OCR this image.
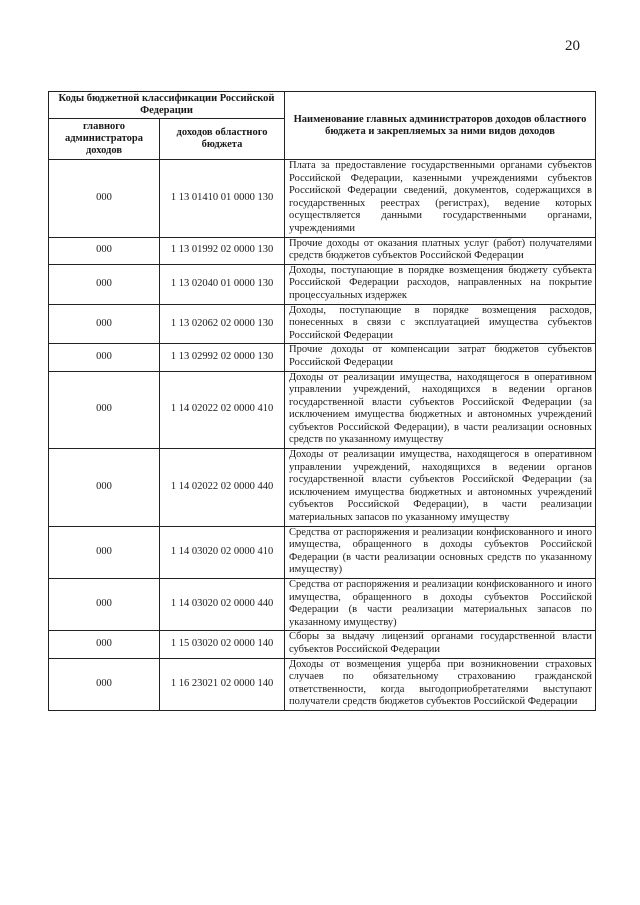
20
Коды бюджетной классификации Российской Федерации		Наименование главных администраторов доходов областного бюджета и закрепляемых за ними видов доходов
главного администратора доходов	доходов областного бюджета	
000	1 13 01410 01 0000 130	Плата за предоставление государственными органами субъектов Российской Федерации, казенными учреждениями субъектов Российской Федерации сведений, документов, содержащихся в государственных реестрах (регистрах), ведение которых осуществляется данными государственными органами, учреждениями
000	1 13 01992 02 0000 130	Прочие доходы от оказания платных услуг (работ) получателями средств бюджетов субъектов Российской Федерации
000	1 13 02040 01 0000 130	Доходы, поступающие в порядке возмещения бюджету субъекта Российской Федерации расходов, направленных на покрытие процессуальных издержек
000	1 13 02062 02 0000 130	Доходы, поступающие в порядке возмещения расходов, понесенных в связи с эксплуатацией имущества субъектов Российской Федерации
000	1 13 02992 02 0000 130	Прочие доходы от компенсации затрат бюджетов субъектов Российской Федерации
000	1 14 02022 02 0000 410	Доходы от реализации имущества, находящегося в оперативном управлении учреждений, находящихся в ведении органов государственной власти субъектов Российской Федерации (за исключением имущества бюджетных и автономных учреждений субъектов Российской Федерации), в части реализации основных средств по указанному имуществу
000	1 14 02022 02 0000 440	Доходы от реализации имущества, находящегося в оперативном управлении учреждений, находящихся в ведении органов государственной власти субъектов Российской Федерации (за исключением имущества бюджетных и автономных учреждений субъектов Российской Федерации), в части реализации материальных запасов по указанному имуществу
000	1 14 03020 02 0000 410	Средства от распоряжения и реализации конфискованного и иного имущества, обращенного в доходы субъектов Российской Федерации (в части реализации основных средств по указанному имуществу)
000	1 14 03020 02 0000 440	Средства от распоряжения и реализации конфискованного и иного имущества, обращенного в доходы субъектов Российской Федерации (в части реализации материальных запасов по указанному имуществу)
000	1 15 03020 02 0000 140	Сборы за выдачу лицензий органами государственной власти субъектов Российской Федерации
000	1 16 23021 02 0000 140	Доходы от возмещения ущерба при возникновении страховых случаев по обязательному страхованию гражданской ответственности, когда выгодоприобретателями выступают получатели средств бюджетов субъектов Российской Федерации
